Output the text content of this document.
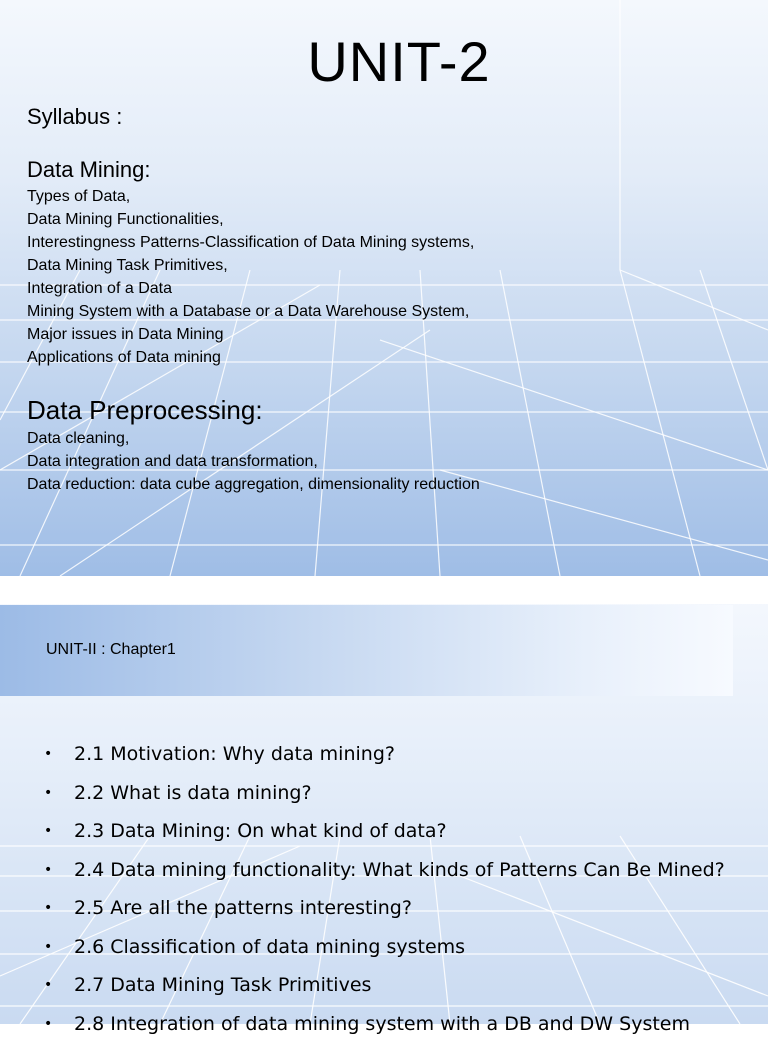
UNIT-2
Syllabus :
Data Mining:
Types of Data,
Data Mining Functionalities,
Interestingness Patterns-Classification of Data Mining systems,
Data Mining Task Primitives,
Integration of a Data
Mining System with a Database or a Data Warehouse System,
Major issues in Data Mining
Applications of Data mining
Data Preprocessing:
Data cleaning,
Data integration and data transformation,
Data reduction: data cube aggregation, dimensionality reduction
UNIT-II : Chapter1
• 2.1 Motivation: Why data mining?
• 2.2 What is data mining?
• 2.3 Data Mining: On what kind of data?
• 2.4 Data mining functionality: What kinds of Patterns Can Be Mined?
• 2.5 Are all the patterns interesting?
• 2.6 Classification of data mining systems
• 2.7 Data Mining Task Primitives
• 2.8 Integration of data mining system with a DB and DW System
